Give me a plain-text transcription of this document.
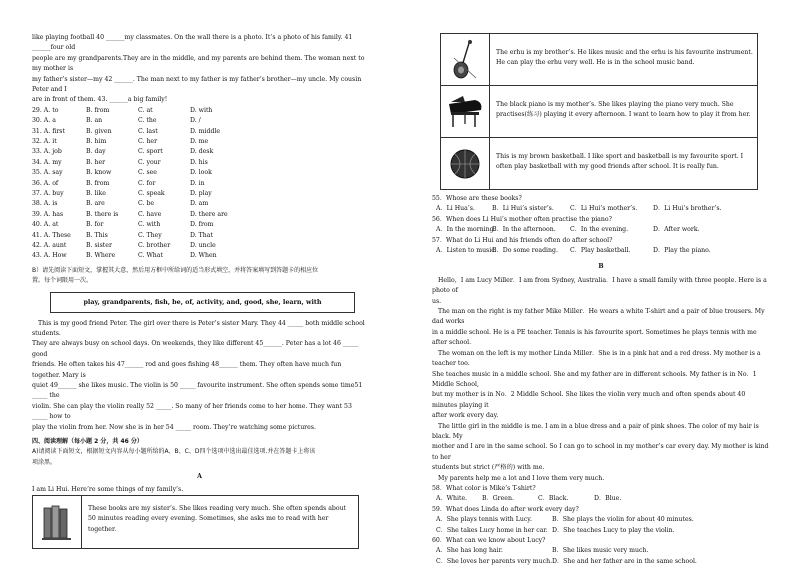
like playing football 40 ______my classmates. On the wall there is a photo. It’s a photo of his family. 41 ______four old

people are my grandparents.They are in the middle, and my parents are behind them. The woman next to my mother is

my father’s sister—my 42 ______. The man next to my father is my father’s brother—my uncle. My cousin Peter and I

are in front of them. 43. ______a big family!

29. A. to	B. from	C. at	D. with
30. A. a	B. an	C. the	D. /
31. A. first	B. given	C. last	D. middle
32. A. it	B. him	C. her	D. me
33. A. job	B. day	C. sport	D. desk
34. A. my	B. her	C. your	D. his
35. A. say	B. know	C. see	D. look
36. A. of	B. from	C. for	D. in
37. A. buy	B. like	C. speak	D. play
38. A. is	B. are	C. be	D. am
39. A. has	B. there is	C. have	D. there are
40. A. at	B. for	C. with	D. from
41. A. These	B. This	C. They	D. That
42. A. aunt	B. sister	C. brother	D. uncle
43. A. How	B. Where	C. What	D. When

B）请先阅读下面短文，掌握其大意，然后用方框中所给词的适当形式填空，并将答案填写到答题卡的相应位

置。每个词限用一次。

play, grandparents, fish, be, of, activity, and, good, she, learn, with

This is my good friend Peter. The girl over there is Peter’s sister Mary. They 44 _____ both middle school students.

They are always busy on school days. On weekends, they like different 45______. Peter has a lot 46 _____ good

friends. He often takes his 47______ rod and goes fishing 48______ them. They often have much fun together. Mary is

quiet 49______ she likes music. The violin is 50 _____ favourite instrument. She often spends some time51 _____ the

violin. She can play the violin really 52 _____. So many of her friends come to her home. They want 53 _____ how to

play the violin from her. Now she is in her 54 _____ room. They’re watching some pictures.

四、阅读理解（每小题 2 分，共 46 分）

A)请阅读下面短文，根据短文内容从每小题所给的A、B、C、D四个选项中选出最佳选项.并在答题卡上将该

项涂黑。

A

I am Li Hui. Here’re some things of my family’s.

These books are my sister’s. She likes reading very much. She often spends about 50 minutes reading every evening. Sometimes, she asks me to read with her together.
The erhu is my brother’s. He likes music and the erhu is his favourite instrument. He can play the erhu very well. He is in the school music band.
The black piano is my mother’s. She likes playing the piano very much. She practises(练习) playing it every afternoon. I want to learn how to play it from her.
This is my brown basketball. I like sport and basketball is my favourite sport. I often play basketball with my good friends after school. It is really fun.

55．Whose are these books?

A．Li Hua’s.	B．Li Hui’s sister’s.	C．Li Hui’s mother’s.	D．Li Hui’s brother’s.

56．When does Li Hui’s mother often practise the piano?

A．In the morning.
B．In the afternoon.	C．In the evening.	D．After work.

57．What do Li Hui and his friends often do after school?

A．Listen to music.
B．Do some reading.	C．Play basketball.	D．Play the piano.
B

Hello，I am Lucy Miller．I am from Sydney, Australia．I have a small family with three people. Here is a photo of

us.

The man on the right is my father Mike Miller．He wears a white T-shirt and a pair of blue trousers. My dad works

in a middle school. He is a PE teacher. Tennis is his favourite sport. Sometimes he plays tennis with me after school.

The woman on the left is my mother Linda Miller．She is in a pink hat and a red dress. My mother is a teacher too.

She teaches music in a middle school. She and my father are in different schools. My father is in No．1 Middle School,

but my mother is in No．2 Middle School. She likes the violin very much and often spends about 40 minutes playing it

after work every day.

The little girl in the middle is me. I am in a blue dress and a pair of pink shoes. The color of my hair is black. My

mother and I are in the same school. So I can go to school in my mother’s car every day. My mother is kind to her

students but strict (严格的) with me.

My parents help me a lot and I love them very much.

58．What color is Mike’s T-shirt?

A．White.	B．Green.	C．Black.	D．Blue.

59．What does Linda do after work every day?

A．She plays tennis with Lucy.	B．She plays the violin for about 40 minutes.
C．She takes Lucy home in her car. D．She teaches Lucy to play the violin.

60．What can we know about Lucy?

A．She has long hair.	B．She likes music very much.
C．She loves her parents very much. D．She and her father are in the same school.
